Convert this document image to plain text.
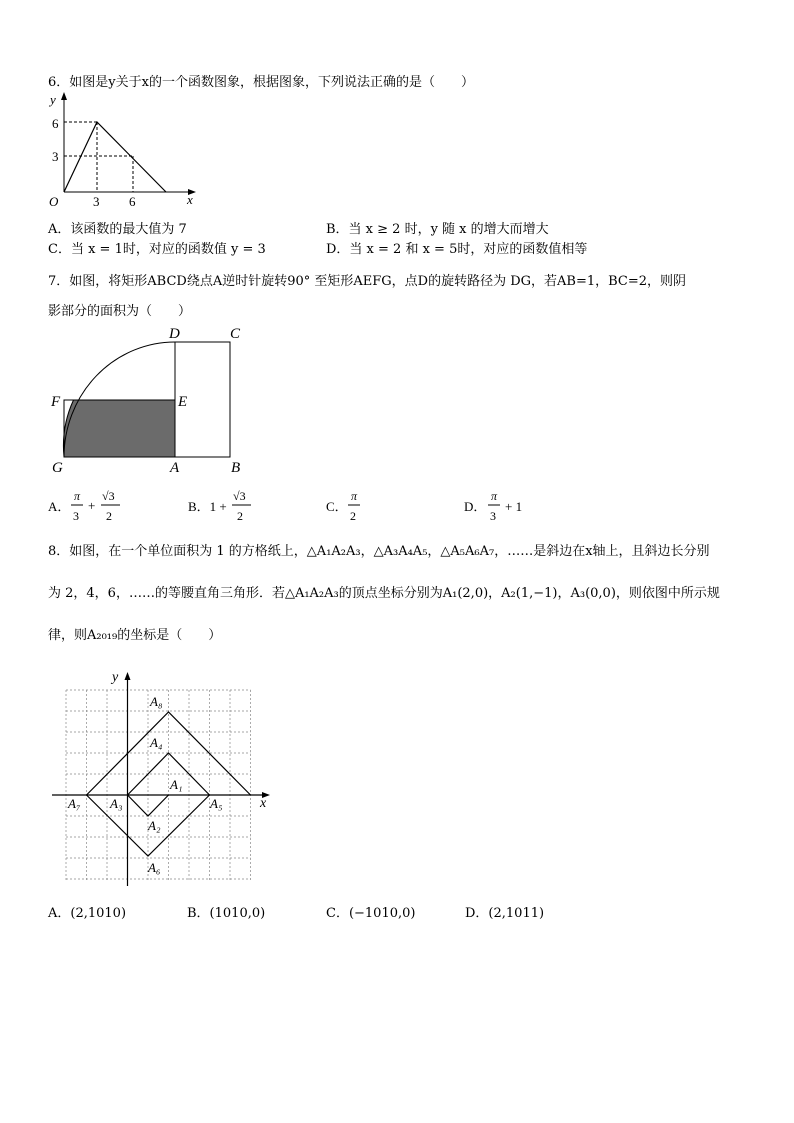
6．如图是y关于x的一个函数图象，根据图象，下列说法正确的是（　　）
y
x
O
6
3
3 6
A．该函数的最大值为 7	B．当 x ≥ 2 时，y 随 x 的增大而增大
C．当 x = 1时，对应的函数值 y = 3	D．当 x = 2 和 x = 5时，对应的函数值相等
7．如图，将矩形ABCD绕点A逆时针旋转90° 至矩形AEFG，点D的旋转路径为 DG，若AB=1，BC=2，则阴
影部分的面积为（　　）
D	C
F	E
G	A	B
A．
π
3
+
√3
2
B．1 +
√3
2
C．
π
2
D．
π
3
+ 1
8．如图，在一个单位面积为 1 的方格纸上，△A₁A₂A₃，△A₃A₄A₅，△A₅A₆A₇，……是斜边在x轴上，且斜边长分别
为 2，4，6，……的等腰直角三角形．若△A₁A₂A₃的顶点坐标分别为A₁(2,0)，A₂(1,−1)，A₃(0,0)，则依图中所示规
律，则A₂₀₁₉的坐标是（　　）
y
x
A₈
A₄
A₁
A₇ A₃	A₅
A₂
A₆
A．(2,1010)	B．(1010,0)	C．(−1010,0)	D．(2,1011)
